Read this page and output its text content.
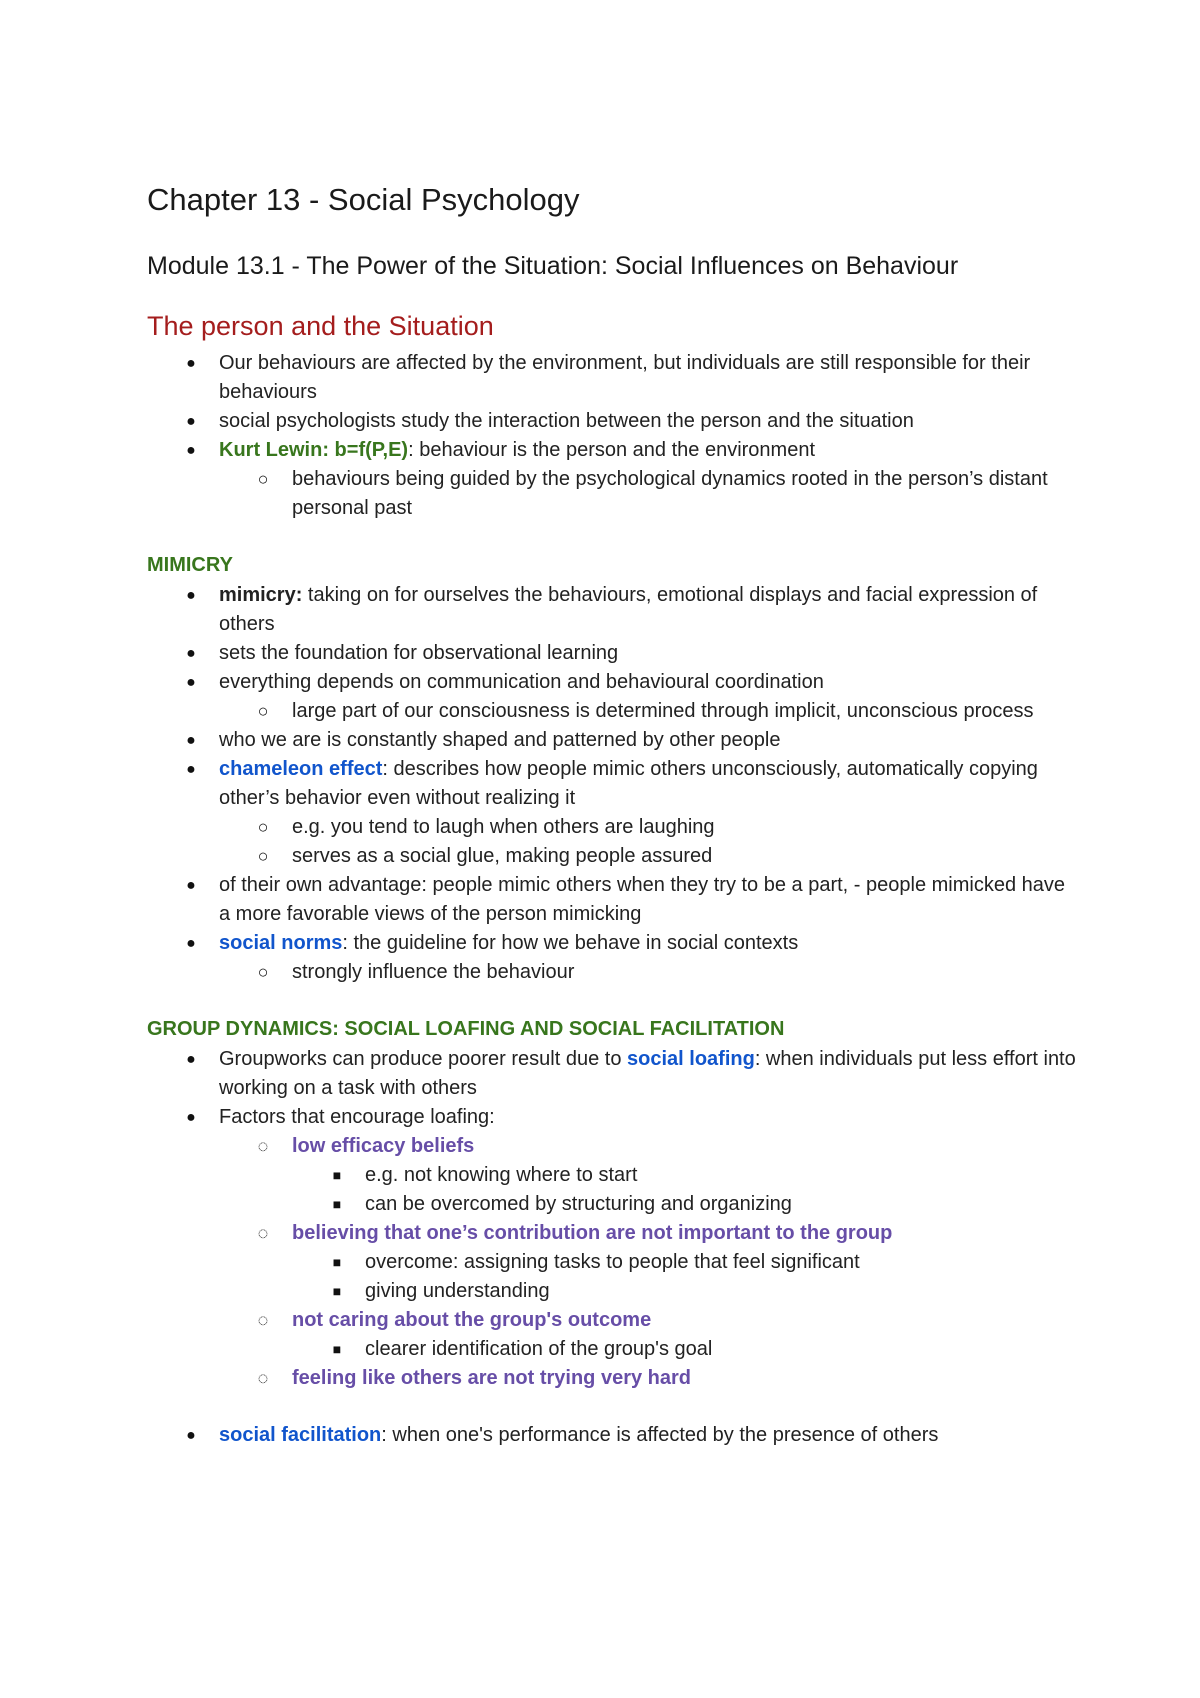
Chapter 13 - Social Psychology
Module 13.1 - The Power of the Situation: Social Influences on Behaviour
The person and the Situation
● Our behaviours are affected by the environment, but individuals are still responsible for their behaviours
● social psychologists study the interaction between the person and the situation
● Kurt Lewin: b=f(P,E): behaviour is the person and the environment
○ behaviours being guided by the psychological dynamics rooted in the person’s distant personal past
MIMICRY
● mimicry: taking on for ourselves the behaviours, emotional displays and facial expression of others
● sets the foundation for observational learning
● everything depends on communication and behavioural coordination
○ large part of our consciousness is determined through implicit, unconscious process
● who we are is constantly shaped and patterned by other people
● chameleon effect: describes how people mimic others unconsciously, automatically copying other’s behavior even without realizing it
○ e.g. you tend to laugh when others are laughing
○ serves as a social glue, making people assured
● of their own advantage: people mimic others when they try to be a part, - people mimicked have a more favorable views of the person mimicking
● social norms: the guideline for how we behave in social contexts
○ strongly influence the behaviour
GROUP DYNAMICS: SOCIAL LOAFING AND SOCIAL FACILITATION
● Groupworks can produce poorer result due to social loafing: when individuals put less effort into working on a task with others
● Factors that encourage loafing:
◌ low efficacy beliefs
■ e.g. not knowing where to start
■ can be overcomed by structuring and organizing
◌ believing that one’s contribution are not important to the group
■ overcome: assigning tasks to people that feel significant
■ giving understanding
◌ not caring about the group's outcome
■ clearer identification of the group's goal
◌ feeling like others are not trying very hard
● social facilitation: when one's performance is affected by the presence of others
